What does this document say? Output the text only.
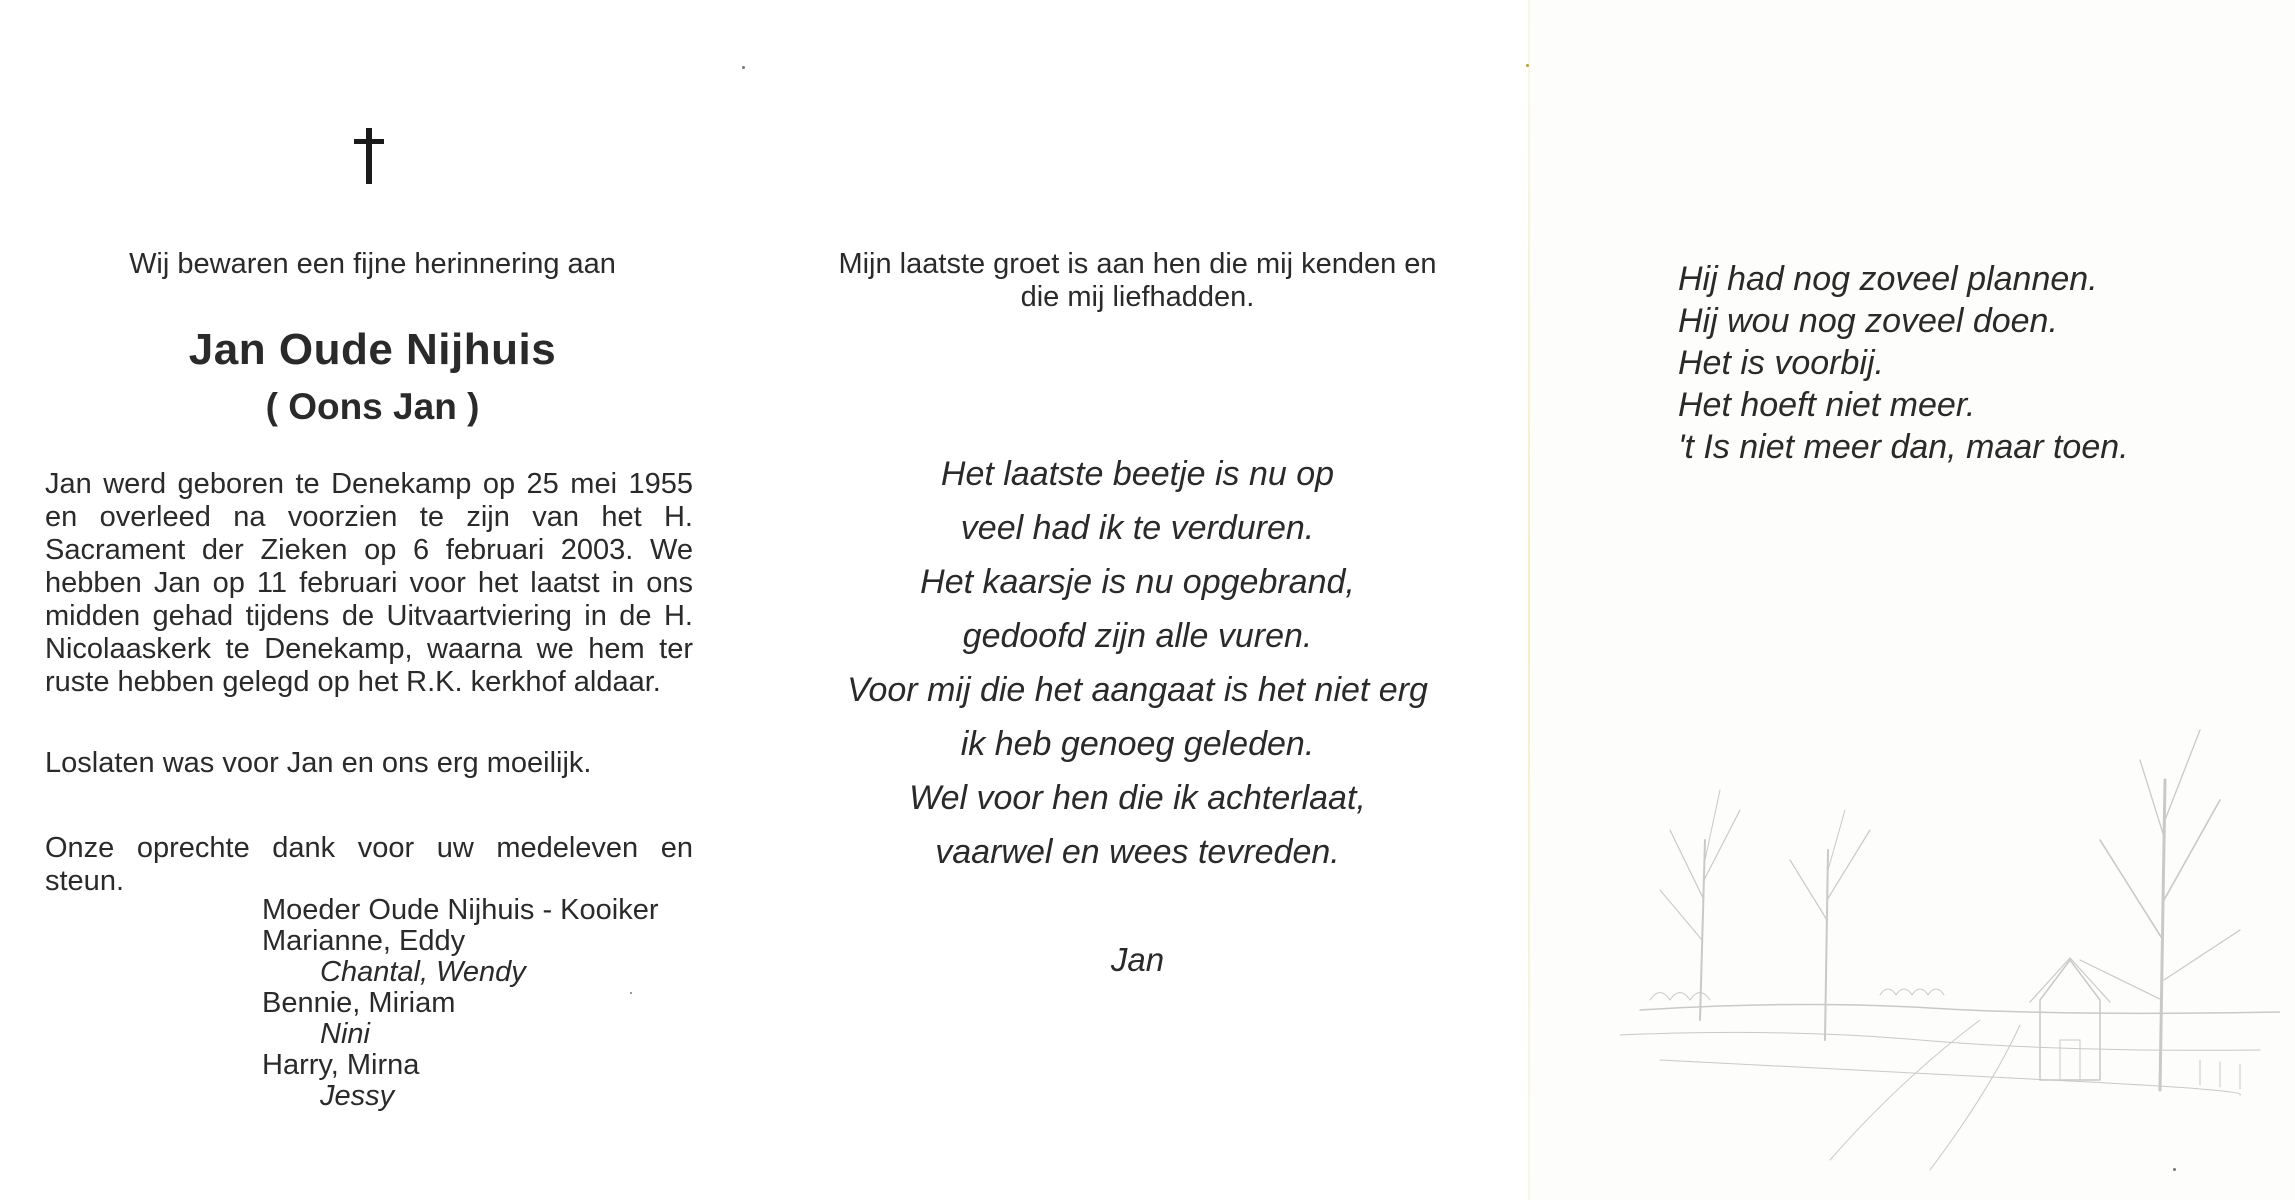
Wij bewaren een fijne herinnering aan
Jan Oude Nijhuis
( Oons Jan )
Jan werd geboren te Denekamp op 25 mei 1955 en overleed na voorzien te zijn van het H. Sacrament der Zieken op 6 februari 2003. We hebben Jan op 11 februari voor het laatst in ons midden gehad tijdens de Uitvaartviering in de H. Nicolaaskerk te Denekamp, waarna we hem ter ruste hebben gelegd op het R.K. kerkhof aldaar.
Loslaten was voor Jan en ons erg moeilijk.
Onze oprechte dank voor uw medeleven en steun.
Moeder Oude Nijhuis - Kooiker
Marianne, Eddy
Chantal, Wendy
Bennie, Miriam
Nini
Harry, Mirna
Jessy
Mijn laatste groet is aan hen die mij kenden en
die mij liefhadden.
Het laatste beetje is nu op
veel had ik te verduren.
Het kaarsje is nu opgebrand,
gedoofd zijn alle vuren.
Voor mij die het aangaat is het niet erg
ik heb genoeg geleden.
Wel voor hen die ik achterlaat,
vaarwel en wees tevreden.
Jan
Hij had nog zoveel plannen.
Hij wou nog zoveel doen.
Het is voorbij.
Het hoeft niet meer.
't Is niet meer dan, maar toen.
